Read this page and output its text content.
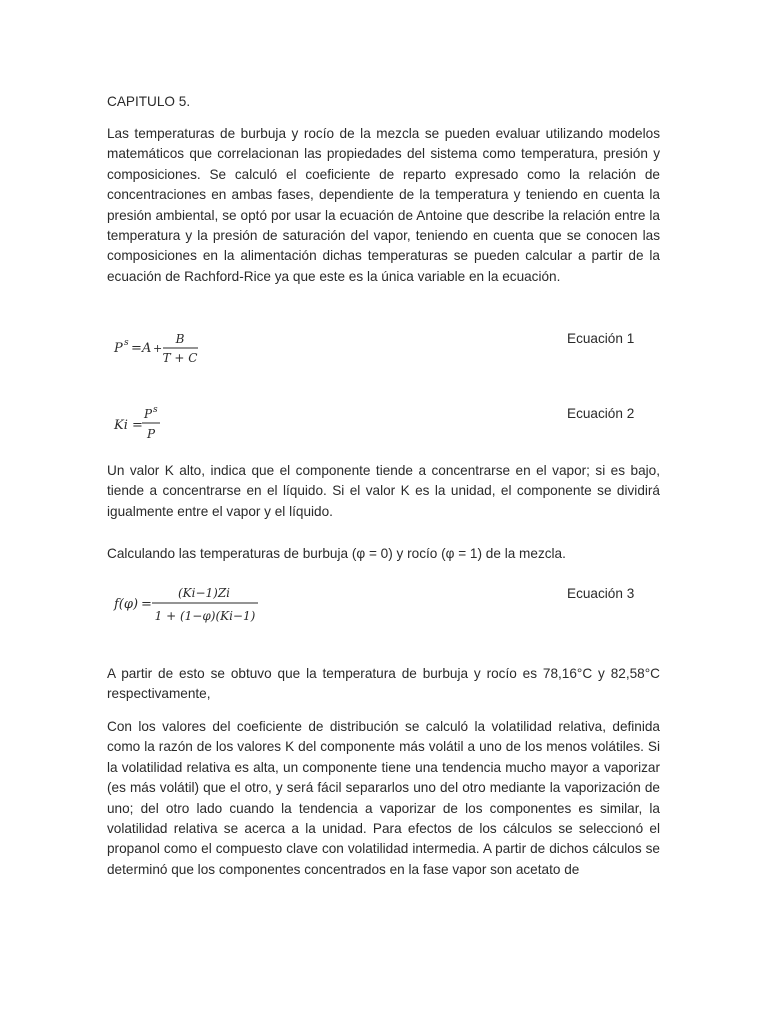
CAPITULO 5.

Las temperaturas de burbuja y rocío de la mezcla se pueden evaluar utilizando modelos matemáticos que correlacionan las propiedades del sistema como temperatura, presión y composiciones. Se calculó el coeficiente de reparto expresado como la relación de concentraciones en ambas fases, dependiente de la temperatura y teniendo en cuenta la presión ambiental, se optó por usar la ecuación de Antoine que describe la relación entre la temperatura y la presión de saturación del vapor, teniendo en cuenta que se conocen las composiciones en la alimentación dichas temperaturas se pueden calcular a partir de la ecuación de Rachford-Rice ya que este es la única variable en la ecuación.

P s = A +
B
T + C
Ecuación 1
Ki =
P s
P
Ecuación 2

Un valor K alto, indica que el componente tiende a concentrarse en el vapor; si es bajo, tiende a concentrarse en el líquido. Si el valor K es la unidad, el componente se dividirá igualmente entre el vapor y el líquido.

Calculando las temperaturas de burbuja (φ = 0) y rocío (φ = 1) de la mezcla.

f(φ) =
(Ki−1)Zi
1 + (1−φ)(Ki−1)
Ecuación 3

A partir de esto se obtuvo que la temperatura de burbuja y rocío es 78,16°C y 82,58°C respectivamente,

Con los valores del coeficiente de distribución se calculó la volatilidad relativa, definida como la razón de los valores K del componente más volátil a uno de los menos volátiles. Si la volatilidad relativa es alta, un componente tiene una tendencia mucho mayor a vaporizar (es más volátil) que el otro, y será fácil separarlos uno del otro mediante la vaporización de uno; del otro lado cuando la tendencia a vaporizar de los componentes es similar, la volatilidad relativa se acerca a la unidad. Para efectos de los cálculos se seleccionó el propanol como el compuesto clave con volatilidad intermedia. A partir de dichos cálculos se determinó que los componentes concentrados en la fase vapor son acetato de
